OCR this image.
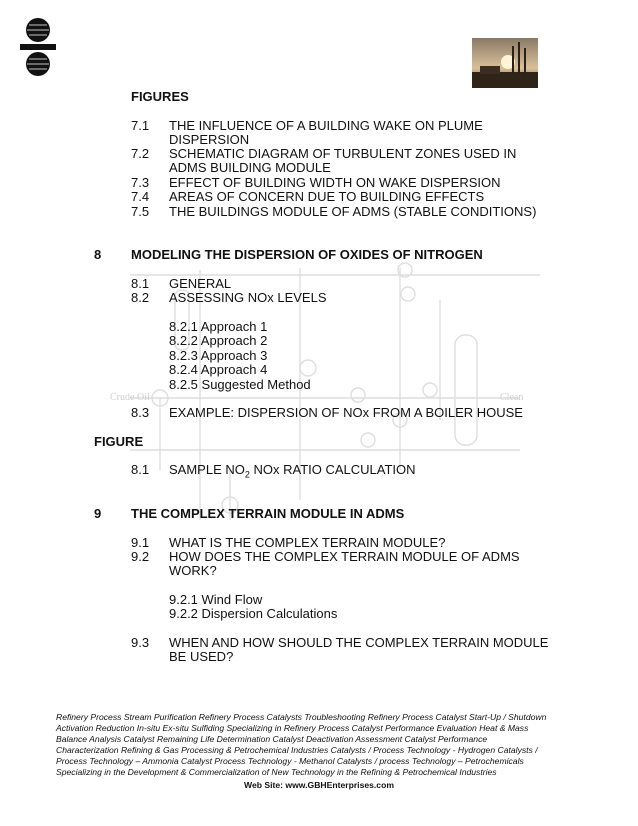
Crude Oil	Clean
FIGURES
7.1 THE INFLUENCE OF A BUILDING WAKE ON PLUME
DISPERSION
7.2 SCHEMATIC DIAGRAM OF TURBULENT ZONES USED IN
ADMS BUILDING MODULE
7.3 EFFECT OF BUILDING WIDTH ON WAKE DISPERSION
7.4 AREAS OF CONCERN DUE TO BUILDING EFFECTS
7.5 THE BUILDINGS MODULE OF ADMS (STABLE CONDITIONS)
8 MODELING THE DISPERSION OF OXIDES OF NITROGEN
8.1 GENERAL
8.2 ASSESSING NOx LEVELS
8.2.1 Approach 1
8.2.2 Approach 2
8.2.3 Approach 3
8.2.4 Approach 4
8.2.5 Suggested Method
8.3 EXAMPLE: DISPERSION OF NOx FROM A BOILER HOUSE
FIGURE
8.1 SAMPLE $NO_2$ NOx RATIO CALCULATION
9 THE COMPLEX TERRAIN MODULE IN ADMS
9.1 WHAT IS THE COMPLEX TERRAIN MODULE?
9.2 HOW DOES THE COMPLEX TERRAIN MODULE OF ADMS
WORK?
9.2.1 Wind Flow
9.2.2 Dispersion Calculations
9.3 WHEN AND HOW SHOULD THE COMPLEX TERRAIN MODULE
BE USED?
Refinery Process Stream Purification Refinery Process Catalysts Troubleshooting Refinery Process Catalyst Start-Up / Shutdown
Activation Reduction In-situ Ex-situ Sulfiding Specializing in Refinery Process Catalyst Performance Evaluation Heat & Mass
Balance Analysis Catalyst Remaining Life Determination Catalyst Deactivation Assessment Catalyst Performance
Characterization Refining & Gas Processing & Petrochemical Industries Catalysts / Process Technology - Hydrogen Catalysts /
Process Technology – Ammonia Catalyst Process Technology - Methanol Catalysts / process Technology – Petrochemicals
Specializing in the Development & Commercialization of New Technology in the Refining & Petrochemical Industries
Web Site: www.GBHEnterprises.com
